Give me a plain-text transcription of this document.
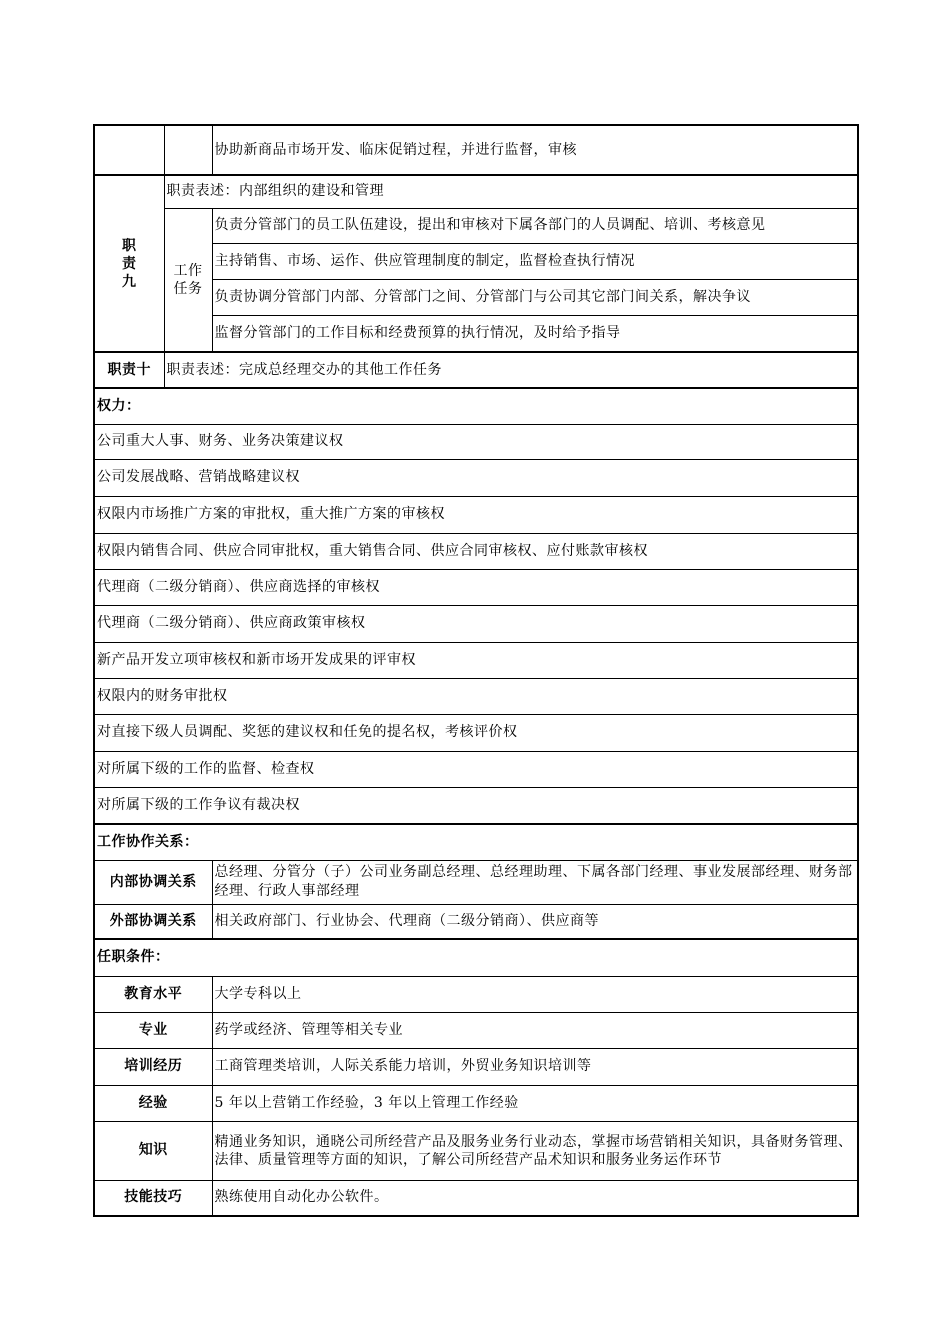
		协助新商品市场开发、临床促销过程，并进行监督，审核
职
责
九	职责表述：内部组织的建设和管理	
	工作
任务	负责分管部门的员工队伍建设，提出和审核对下属各部门的人员调配、培训、考核意见
		主持销售、市场、运作、供应管理制度的制定，监督检查执行情况
		负责协调分管部门内部、分管部门之间、分管部门与公司其它部门间关系，解决争议
		监督分管部门的工作目标和经费预算的执行情况，及时给予指导
职责十	职责表述：完成总经理交办的其他工作任务	
权力：		
公司重大人事、财务、业务决策建议权		
公司发展战略、营销战略建议权		
权限内市场推广方案的审批权，重大推广方案的审核权		
权限内销售合同、供应合同审批权，重大销售合同、供应合同审核权、应付账款审核权		
代理商（二级分销商）、供应商选择的审核权		
代理商（二级分销商）、供应商政策审核权		
新产品开发立项审核权和新市场开发成果的评审权		
权限内的财务审批权		
对直接下级人员调配、奖惩的建议权和任免的提名权，考核评价权		
对所属下级的工作的监督、检查权		
对所属下级的工作争议有裁决权		
工作协作关系：	
内部协调关系	总经理、分管分（子）公司业务副总经理、总经理助理、下属各部门经理、事业发展部经理、财务部经理、行政人事部经理
外部协调关系	相关政府部门、行业协会、代理商（二级分销商）、供应商等
任职条件：	
教育水平	大学专科以上
专业	药学或经济、管理等相关专业
培训经历	工商管理类培训，人际关系能力培训，外贸业务知识培训等
经验	5 年以上营销工作经验，3 年以上管理工作经验
知识	精通业务知识，通晓公司所经营产品及服务业务行业动态，掌握市场营销相关知识，具备财务管理、法律、质量管理等方面的知识，了解公司所经营产品术知识和服务业务运作环节
技能技巧	熟练使用自动化办公软件。
